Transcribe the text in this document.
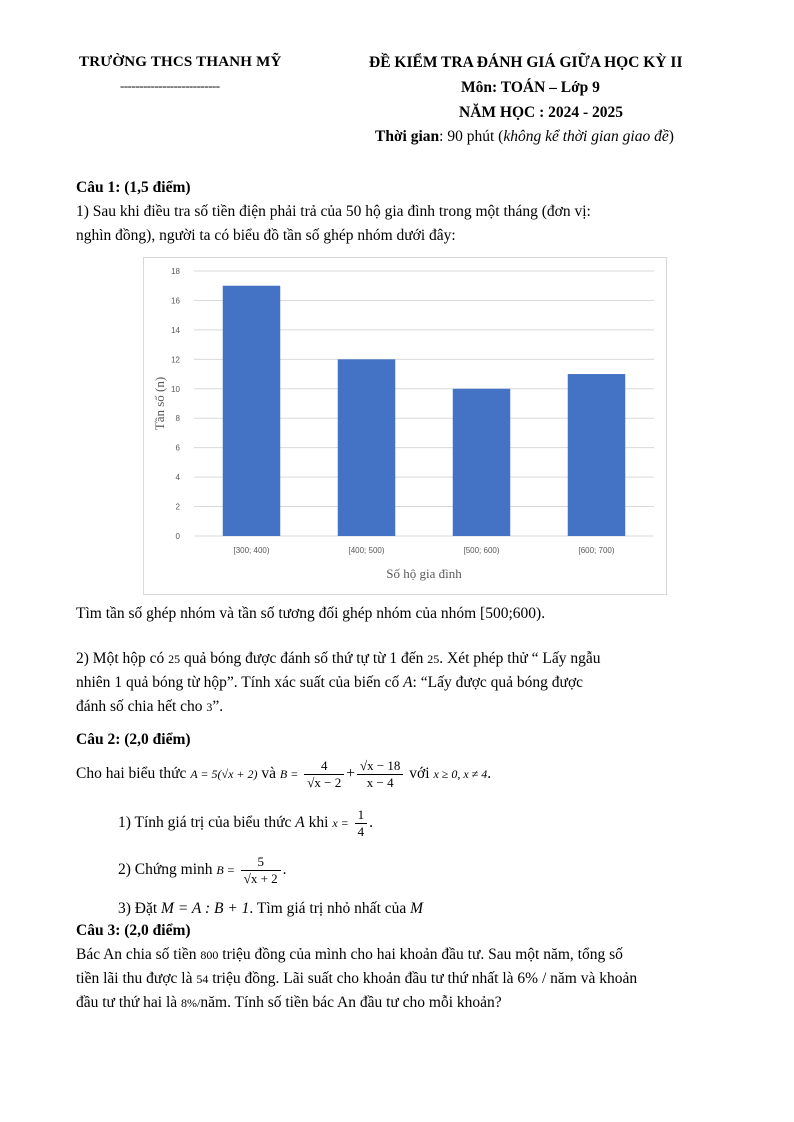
TRƯỜNG THCS THANH MỸ
--------------------------
ĐỀ KIỂM TRA ĐÁNH GIÁ GIỮA HỌC KỲ II
Môn: TOÁN – Lớp 9
NĂM HỌC : 2024 - 2025
Thời gian: 90 phút (không kể thời gian giao đề)
Câu 1: (1,5 điểm)
1) Sau khi điều tra số tiền điện phải trả của 50 hộ gia đình trong một tháng (đơn vị:
nghìn đồng), người ta có biểu đồ tần số ghép nhóm dưới đây:
0
2
4
6
8
10
12
14
16
18
[300; 400)	[400; 500)	[500; 600)	[600; 700)
Số hộ gia đình
Tần số (n)
Tìm tần số ghép nhóm và tần số tương đối ghép nhóm của nhóm [500;600).
2) Một hộp có 25 quả bóng được đánh số thứ tự từ 1 đến 25. Xét phép thử “ Lấy ngẫu
nhiên 1 quả bóng từ hộp”. Tính xác suất của biến cố A: “Lấy được quả bóng được
đánh số chia hết cho 3”.
Câu 2: (2,0 điểm)
Cho hai biểu thức A = 5(√x + 2) và $B = \frac{4}{√x - 2} + \frac{√x - 18}{x - 4}$ với x ≥ 0, x ≠ 4.
1) Tính giá trị của biểu thức A khi $x = \frac{1}{4}$ .
2) Chứng minh $B = \frac{5}{√x + 2}$ .
3) Đặt M = A : B + 1. Tìm giá trị nhỏ nhất của M
Câu 3: (2,0 điểm)
Bác An chia số tiền 800 triệu đồng của mình cho hai khoản đầu tư. Sau một năm, tổng số
tiền lãi thu được là 54 triệu đồng. Lãi suất cho khoản đầu tư thứ nhất là 6% / năm và khoản
đầu tư thứ hai là 8%/năm. Tính số tiền bác An đầu tư cho mỗi khoản?
